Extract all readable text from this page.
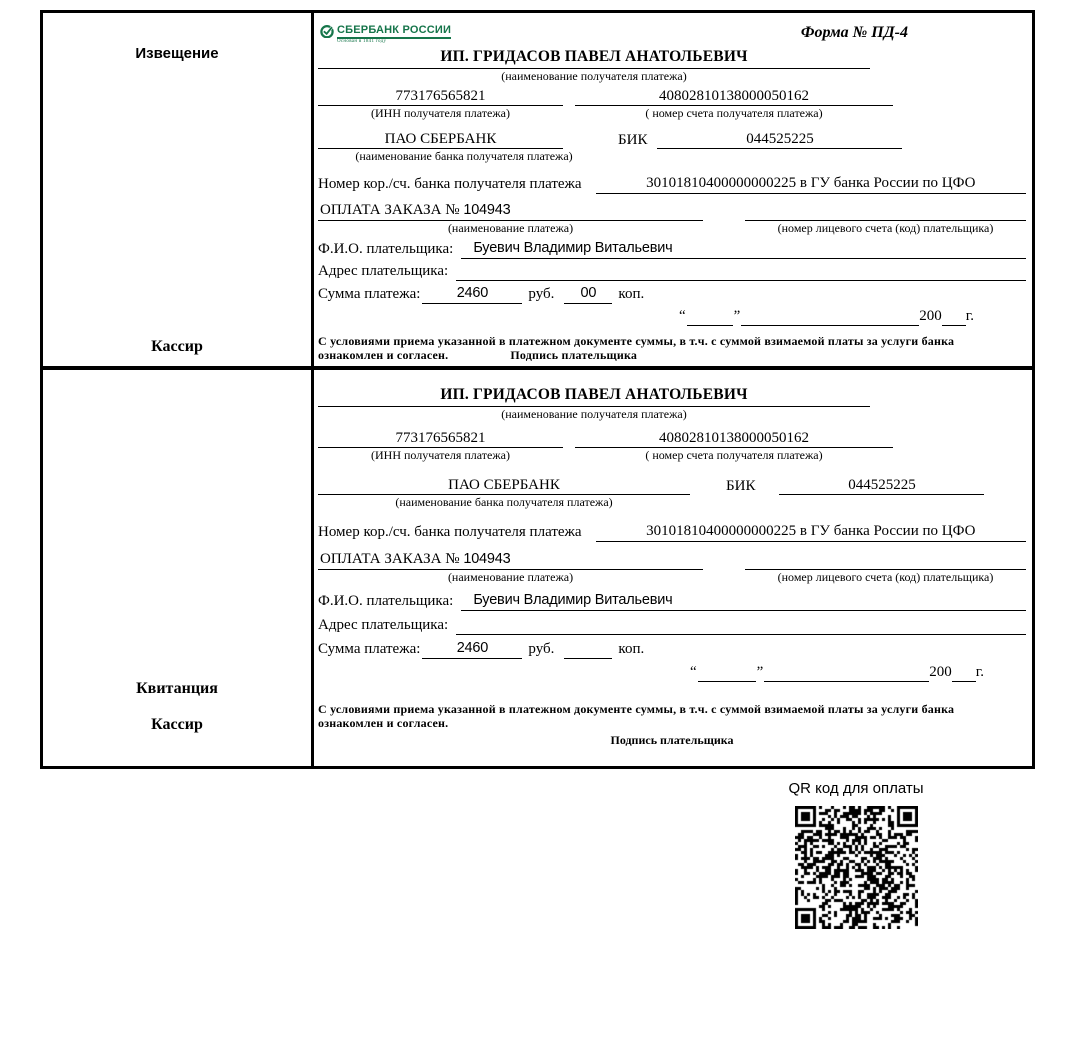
Извещение
Кассир
СБЕРБАНК РОССИИ
Основан в 1841 году
Форма № ПД-4
ИП. ГРИДАСОВ ПАВЕЛ АНАТОЛЬЕВИЧ
(наименование получателя платежа)
773176565821
(ИНН получателя платежа)
40802810138000050162
( номер счета получателя платежа)
ПАО СБЕРБАНК	БИК	044525225
(наименование банка получателя платежа)
Номер кор./сч. банка получателя платежа	30101810400000000225 в ГУ банка России по ЦФО
ОПЛАТА ЗАКАЗА № 104943
(наименование платежа)	(номер лицевого счета (код) плательщика)
Ф.И.О. плательщика:	Буевич Владимир Витальевич
Адрес плательщика:
Сумма платежа:	2460	руб.	00	коп.
“	”	200 г.
С условиями приема указанной в платежном документе суммы, в т.ч. с суммой взимаемой платы за услуги банка
ознакомлен и согласен.	Подпись плательщика
Квитанция
Кассир
ИП. ГРИДАСОВ ПАВЕЛ АНАТОЛЬЕВИЧ
(наименование получателя платежа)
773176565821
(ИНН получателя платежа)
40802810138000050162
( номер счета получателя платежа)
ПАО СБЕРБАНК	БИК	044525225
(наименование банка получателя платежа)
Номер кор./сч. банка получателя платежа	30101810400000000225 в ГУ банка России по ЦФО
ОПЛАТА ЗАКАЗА № 104943
(наименование платежа)	(номер лицевого счета (код) плательщика)
Ф.И.О. плательщика:	Буевич Владимир Витальевич
Адрес плательщика:
Сумма платежа:	2460	руб.	коп.
“	”	200 г.
С условиями приема указанной в платежном документе суммы, в т.ч. с суммой взимаемой платы за услуги банка
ознакомлен и согласен.
Подпись плательщика
QR код для оплаты
